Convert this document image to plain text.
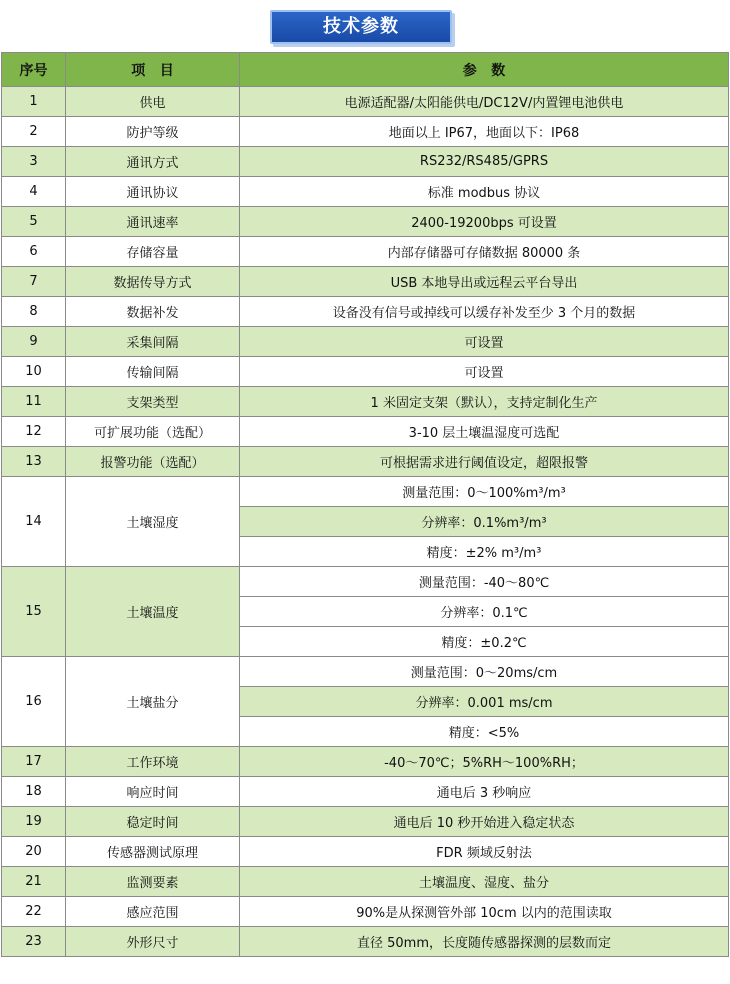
技术参数
序号	项   目	参   数
1	供电	电源适配器/太阳能供电/DC12V/内置锂电池供电
2	防护等级	地面以上 IP67，地面以下：IP68
3	通讯方式	RS232/RS485/GPRS
4	通讯协议	标准 modbus 协议
5	通讯速率	2400-19200bps 可设置
6	存储容量	内部存储器可存储数据 80000 条
7	数据传导方式	USB 本地导出或远程云平台导出
8	数据补发	设备没有信号或掉线可以缓存补发至少 3 个月的数据
9	采集间隔	可设置
10	传输间隔	可设置
11	支架类型	1 米固定支架（默认），支持定制化生产
12	可扩展功能（选配）	3-10 层土壤温湿度可选配
13	报警功能（选配）	可根据需求进行阈值设定，超限报警
14	土壤湿度	测量范围：0～100%m³/m³
		分辨率：0.1%m³/m³
		精度：±2% m³/m³
15	土壤温度	测量范围：-40～80℃
		分辨率：0.1℃
		精度：±0.2℃
16	土壤盐分	测量范围：0～20ms/cm
		分辨率：0.001 ms/cm
		精度：<5%
17	工作环境	-40～70℃；5%RH～100%RH；
18	响应时间	通电后 3 秒响应
19	稳定时间	通电后 10 秒开始进入稳定状态
20	传感器测试原理	FDR 频域反射法
21	监测要素	土壤温度、湿度、盐分
22	感应范围	90%是从探测管外部 10cm 以内的范围读取
23	外形尺寸	直径 50mm，长度随传感器探测的层数而定
